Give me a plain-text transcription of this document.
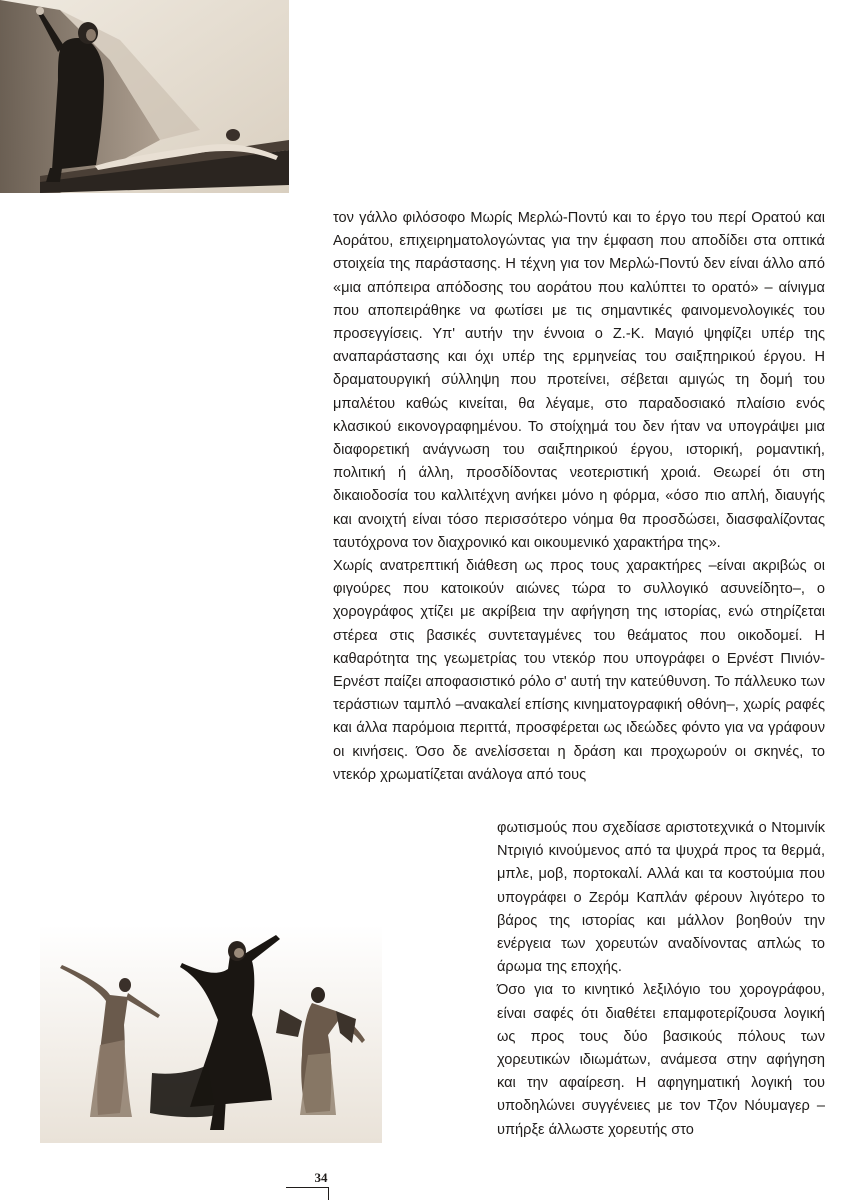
τον γάλλο φιλόσοφο Μωρίς Μερλώ-Ποντύ και το έργο του περί Ορατού και Αοράτου, επιχειρηματολογώντας για την έμφαση που αποδίδει στα οπτικά στοιχεία της παράστασης. Η τέχνη για τον Μερλώ-Ποντύ δεν είναι άλλο από «μια απόπειρα απόδοσης του αοράτου που καλύπτει το ορατό» – αίνιγμα που αποπειράθηκε να φωτίσει με τις σημαντικές φαινομενολογικές του προσεγγίσεις. Υπ' αυτήν την έννοια ο Ζ.-Κ. Μαγιό ψηφίζει υπέρ της αναπαράστασης και όχι υπέρ της ερμηνείας του σαιξπηρικού έργου. Η δραματουργική σύλληψη που προτείνει, σέβεται αμιγώς τη δομή του μπαλέτου καθώς κινείται, θα λέγαμε, στο παραδοσιακό πλαίσιο ενός κλασικού εικονογραφημένου. Το στοίχημά του δεν ήταν να υπογράψει μια διαφορετική ανάγνωση του σαιξπηρικού έργου, ιστορική, ρομαντική, πολιτική ή άλλη, προσδίδοντας νεοτεριστική χροιά. Θεωρεί ότι στη δικαιοδοσία του καλλιτέχνη ανήκει μόνο η φόρμα, «όσο πιο απλή, διαυγής και ανοιχτή είναι τόσο περισσότερο νόημα θα προσδώσει, διασφαλίζοντας ταυτόχρονα τον διαχρονικό και οικουμενικό χαρακτήρα της».

Χωρίς ανατρεπτική διάθεση ως προς τους χαρακτήρες –είναι ακριβώς οι φιγούρες που κατοικούν αιώνες τώρα το συλλογικό ασυνείδητο–, ο χορογράφος χτίζει με ακρίβεια την αφήγηση της ιστορίας, ενώ στηρίζεται στέρεα στις βασικές συντεταγμένες του θεάματος που οικοδομεί. Η καθαρότητα της γεωμετρίας του ντεκόρ που υπογράφει ο Ερνέστ Πινιόν-Ερνέστ παίζει αποφασιστικό ρόλο σ' αυτή την κατεύθυνση. Το πάλλευκο των τεράστιων ταμπλό –ανακαλεί επίσης κινηματογραφική οθόνη–, χωρίς ραφές και άλλα παρόμοια περιττά, προσφέρεται ως ιδεώδες φόντο για να γράφουν οι κινήσεις. Όσο δε ανελίσσεται η δράση και προχωρούν οι σκηνές, το ντεκόρ χρωματίζεται ανάλογα από τους

φωτισμούς που σχεδίασε αριστοτεχνικά ο Ντομινίκ Ντριγιό κινούμενος από τα ψυχρά προς τα θερμά, μπλε, μοβ, πορτοκαλί. Αλλά και τα κοστούμια που υπογράφει ο Ζερόμ Καπλάν φέρουν λιγότερο το βάρος της ιστορίας και μάλλον βοηθούν την ενέργεια των χορευτών αναδίνοντας απλώς το άρωμα της εποχής.

Όσο για το κινητικό λεξιλόγιο του χορογράφου, είναι σαφές ότι διαθέτει επαμφοτερίζουσα λογική ως προς τους δύο βασικούς πόλους των χορευτικών ιδιωμάτων, ανάμεσα στην αφήγηση και την αφαίρεση. Η αφηγηματική λογική του υποδηλώνει συγγένειες με τον Τζον Νόυμαγερ –υπήρξε άλλωστε χορευτής στο

34
